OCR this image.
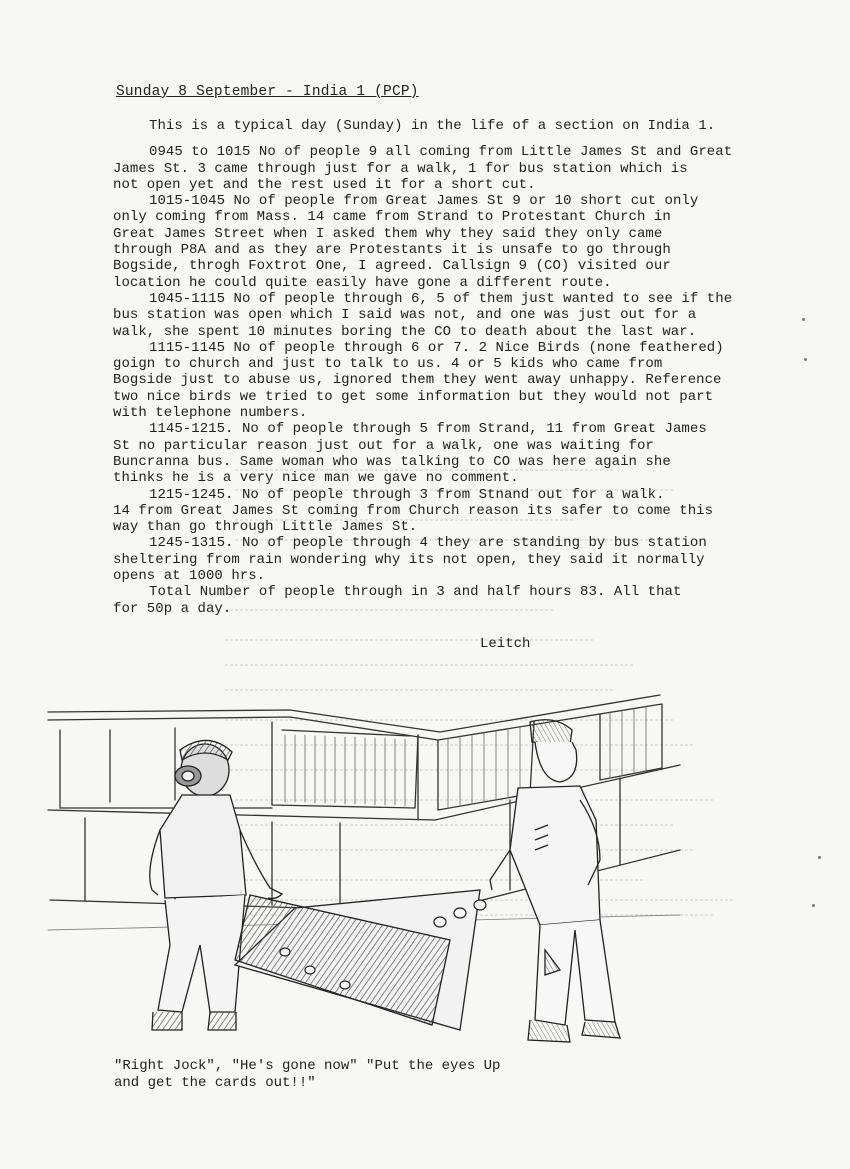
Sunday 8 September - India 1 (PCP)

This is a typical day (Sunday) in the life of a section on India 1.

0945 to 1015 No of people 9 all coming from Little James St and Great
James St. 3 came through just for a walk, 1 for bus station which is
not open yet and the rest used it for a short cut.

1015-1045 No of people from Great James St 9 or 10 short cut only
only coming from Mass. 14 came from Strand to Protestant Church in
Great James Street when I asked them why they said they only came
through P8A and as they are Protestants it is unsafe to go through
Bogside, throgh Foxtrot One, I agreed. Callsign 9 (CO) visited our
location he could quite easily have gone a different route.

1045-1115 No of people through 6, 5 of them just wanted to see if the
bus station was open which I said was not, and one was just out for a
walk, she spent 10 minutes boring the CO to death about the last war.

1115-1145 No of people through 6 or 7. 2 Nice Birds (none feathered)
goign to church and just to talk to us. 4 or 5 kids who came from
Bogside just to abuse us, ignored them they went away unhappy. Reference
two nice birds we tried to get some information but they would not part
with telephone numbers.

1145-1215. No of people through 5 from Strand, 11 from Great James
St no particular reason just out for a walk, one was waiting for
Buncranna bus. Same woman who was talking to CO was here again she
thinks he is a very nice man we gave no comment.

1215-1245. No of people through 3 from Stnand out for a walk.
14 from Great James St coming from Church reason its safer to come this
way than go through Little James St.

1245-1315. No of people through 4 they are standing by bus station
sheltering from rain wondering why its not open, they said it normally
opens at 1000 hrs.

Total Number of people through in 3 and half hours 83. All that
for 50p a day.

Leitch
"Right Jock", "He's gone now" "Put the eyes Up
and get the cards out!!"
